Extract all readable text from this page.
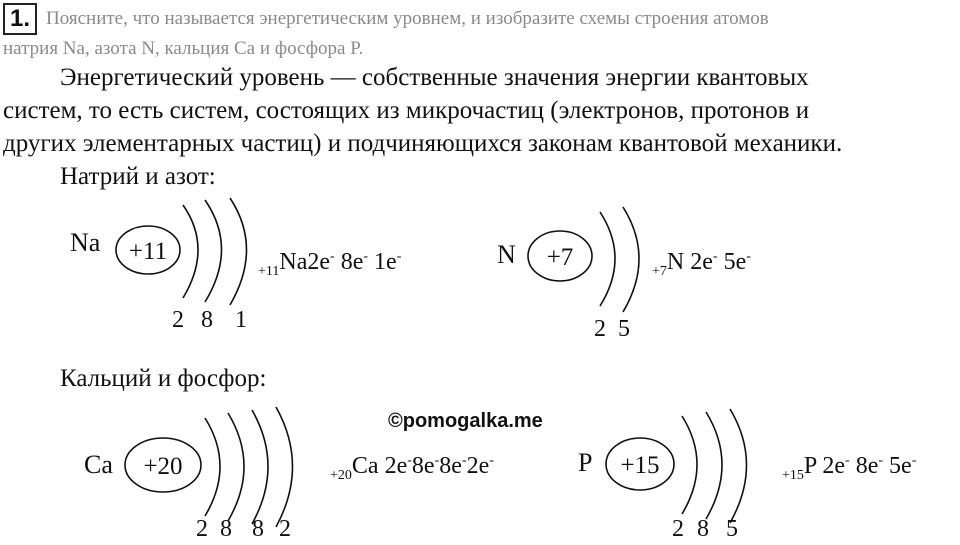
1. Поясните, что называется энергетическим уровнем, и изобразите схемы строения атомов
натрия Na, азота N, кальция Ca и фосфора P.
Энергетический уровень — собственные значения энергии квантовых
систем, то есть систем, состоящих из микрочастиц (электронов, протонов и
других элементарных частиц) и подчиняющихся законам квантовой механики.
Натрий и азот:
Кальций и фосфор:
+11	+7
+20	+15
Na	N
Ca	P
$_{+11}$Na2e- 8e- 1e-
$_{+7}$N 2e- 5e-
$_{+20}$Ca 2e-8e-8e-2e-
$_{+15}$P 2e- 8e- 5e-
2 8 1	2 5
2 8 8 2	2 8 5
©pomogalka.me
